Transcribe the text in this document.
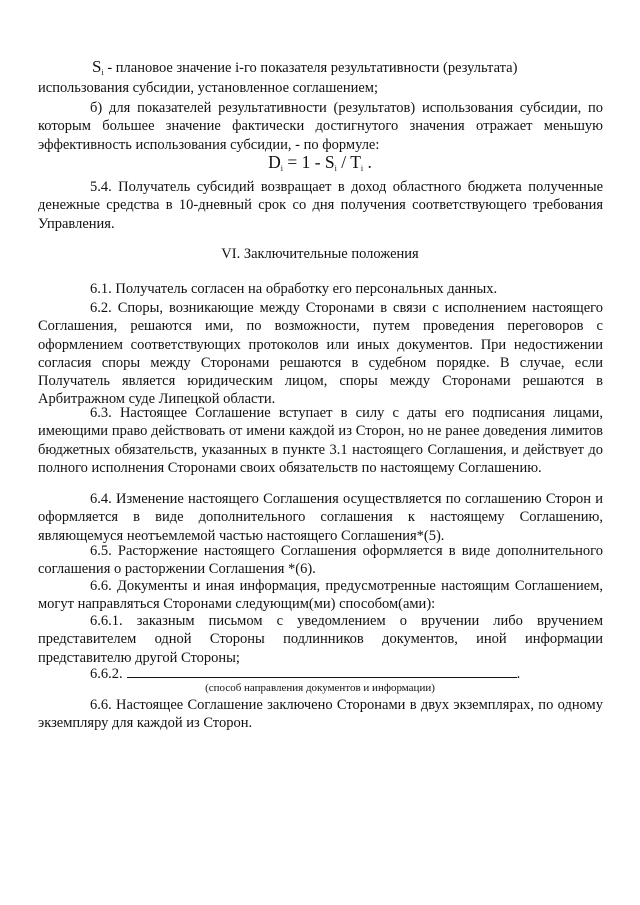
$S_i$ - плановое значение i-го показателя результативности (результата)

использования субсидии, установленное соглашением;

б) для показателей результативности (результатов) использования субсидии, по которым большее значение фактически достигнутого значения отражает меньшую эффективность использования субсидии, - по формуле:

$D_i = 1 - S_i / T_i$ .

5.4. Получатель субсидий возвращает в доход областного бюджета полученные денежные средства в 10-дневный срок со дня получения соответствующего требования Управления.

VI. Заключительные положения

6.1. Получатель согласен на обработку его персональных данных.

6.2. Споры, возникающие между Сторонами в связи с исполнением настоящего Соглашения, решаются ими, по возможности, путем проведения переговоров с оформлением соответствующих протоколов или иных документов. При недостижении согласия споры между Сторонами решаются в судебном порядке. В случае, если Получатель является юридическим лицом, споры между Сторонами решаются в Арбитражном суде Липецкой области.

6.3. Настоящее Соглашение вступает в силу с даты его подписания лицами, имеющими право действовать от имени каждой из Сторон, но не ранее доведения лимитов бюджетных обязательств, указанных в пункте 3.1 настоящего Соглашения, и действует до полного исполнения Сторонами своих обязательств по настоящему Соглашению.

6.4. Изменение настоящего Соглашения осуществляется по соглашению Сторон и оформляется в виде дополнительного соглашения к настоящему Соглашению, являющемуся неотъемлемой частью настоящего Соглашения*(5).

6.5. Расторжение настоящего Соглашения оформляется в виде дополнительного соглашения о расторжении Соглашения *(6).

6.6. Документы и иная информация, предусмотренные настоящим Соглашением, могут направляться Сторонами следующим(ми) способом(ами):

6.6.1. заказным письмом с уведомлением о вручении либо вручением представителем одной Стороны подлинников документов, иной информации представителю другой Стороны;

6.6.2.	.
(способ направления документов и информации)

6.6. Настоящее Соглашение заключено Сторонами в двух экземплярах, по одному экземпляру для каждой из Сторон.
